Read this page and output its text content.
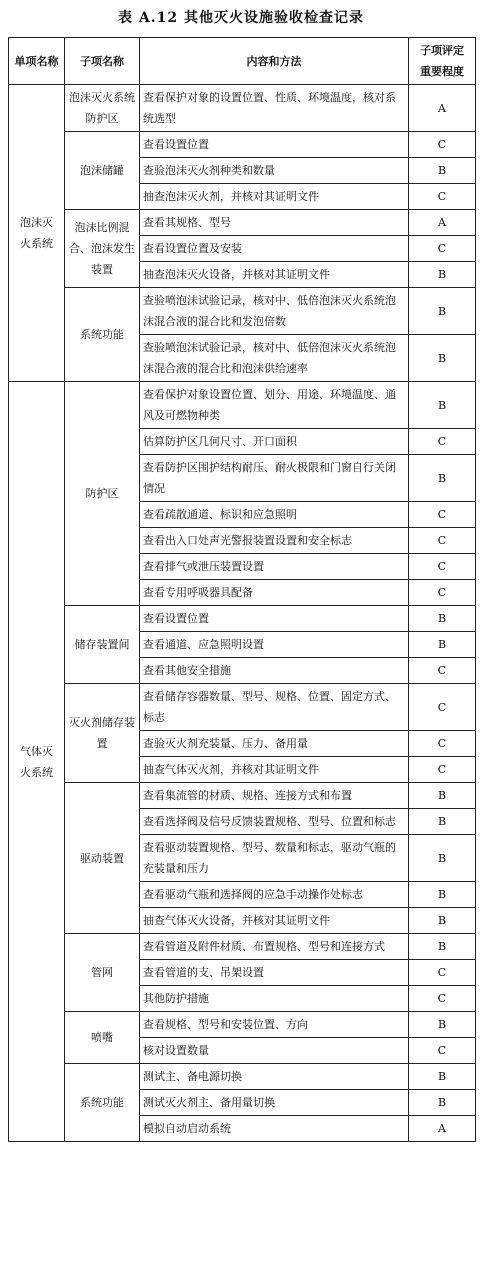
表 A.12 其他灭火设施验收检查记录
单项名称	子项名称	内容和方法	子项评定
重要程度

泡沫灭火系统	泡沫灭火系统防护区	查看保护对象的设置位置、性质、环境温度，核对系统选型	A
	泡沫储罐	查看设置位置	C
		查验泡沫灭火剂种类和数量	B
		抽查泡沫灭火剂，并核对其证明文件	C
	泡沫比例混合、泡沫发生装置	查看其规格、型号	A
		查看设置位置及安装	C
		抽查泡沫灭火设备，并核对其证明文件	B
	系统功能	查验喷泡沫试验记录，核对中、低倍泡沫灭火系统泡沫混合液的混合比和发泡倍数	B
		查验喷泡沫试验记录，核对中、低倍泡沫灭火系统泡沫混合液的混合比和泡沫供给速率	B
气体灭火系统	防护区	查看保护对象设置位置、划分、用途、环境温度、通风及可燃物种类	B
		估算防护区几何尺寸、开口面积	C
		查看防护区围护结构耐压、耐火极限和门窗自行关闭情况	B
		查看疏散通道、标识和应急照明	C
		查看出入口处声光警报装置设置和安全标志	C
		查看排气或泄压装置设置	C
		查看专用呼吸器具配备	C
	储存装置间	查看设置位置	B
		查看通道、应急照明设置	B
		查看其他安全措施	C
	灭火剂储存装置	查看储存容器数量、型号、规格、位置、固定方式、标志	C
		查验灭火剂充装量、压力、备用量	C
		抽查气体灭火剂，并核对其证明文件	C
	驱动装置	查看集流管的材质、规格、连接方式和布置	B
		查看选择阀及信号反馈装置规格、型号、位置和标志	B
		查看驱动装置规格、型号、数量和标志，驱动气瓶的充装量和压力	B
		查看驱动气瓶和选择阀的应急手动操作处标志	B
		抽查气体灭火设备，并核对其证明文件	B
	管网	查看管道及附件材质、布置规格、型号和连接方式	B
		查看管道的支、吊架设置	C
		其他防护措施	C
	喷嘴	查看规格、型号和安装位置、方向	B
		核对设置数量	C
	系统功能	测试主、备电源切换	B
		测试灭火剂主、备用量切换	B
		模拟自动启动系统	A
